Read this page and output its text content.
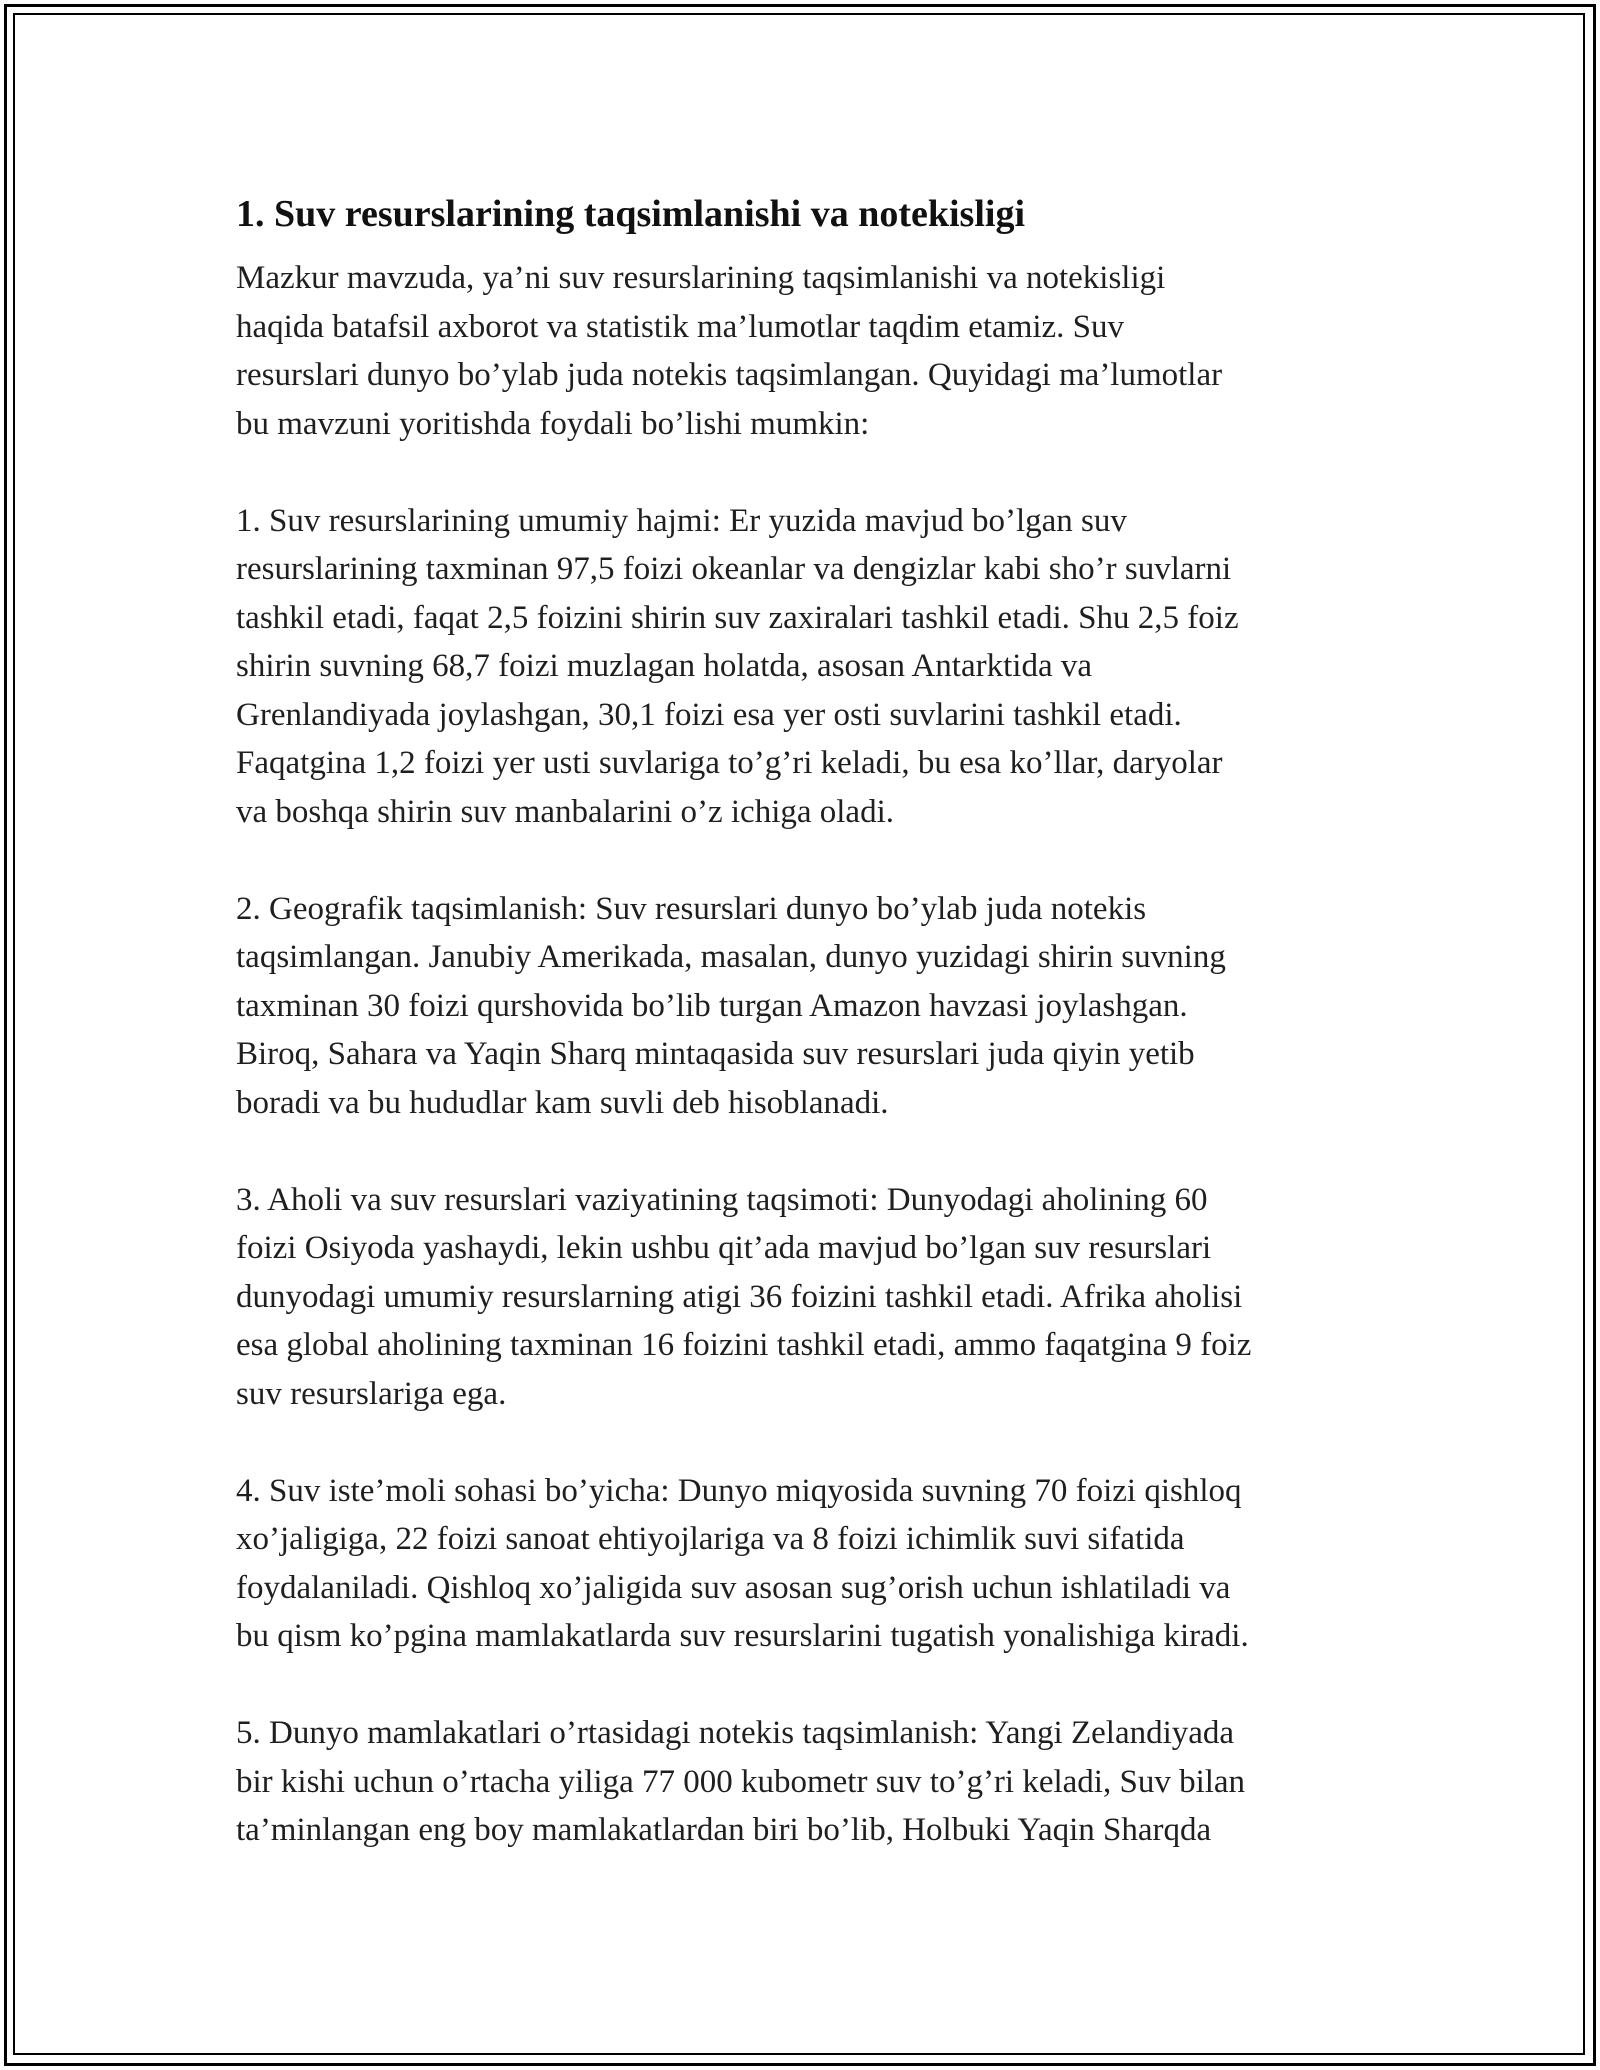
1. Suv resurslarining taqsimlanishi va notekisligi

Mazkur mavzuda, ya’ni suv resurslarining taqsimlanishi va notekisligi
haqida batafsil axborot va statistik ma’lumotlar taqdim etamiz. Suv
resurslari dunyo bo’ylab juda notekis taqsimlangan. Quyidagi ma’lumotlar
bu mavzuni yoritishda foydali bo’lishi mumkin:

1. Suv resurslarining umumiy hajmi: Er yuzida mavjud bo’lgan suv
resurslarining taxminan 97,5 foizi okeanlar va dengizlar kabi sho’r suvlarni
tashkil etadi, faqat 2,5 foizini shirin suv zaxiralari tashkil etadi. Shu 2,5 foiz
shirin suvning 68,7 foizi muzlagan holatda, asosan Antarktida va
Grenlandiyada joylashgan, 30,1 foizi esa yer osti suvlarini tashkil etadi.
Faqatgina 1,2 foizi yer usti suvlariga to’g’ri keladi, bu esa ko’llar, daryolar
va boshqa shirin suv manbalarini o’z ichiga oladi.

2. Geografik taqsimlanish: Suv resurslari dunyo bo’ylab juda notekis
taqsimlangan. Janubiy Amerikada, masalan, dunyo yuzidagi shirin suvning
taxminan 30 foizi qurshovida bo’lib turgan Amazon havzasi joylashgan.
Biroq, Sahara va Yaqin Sharq mintaqasida suv resurslari juda qiyin yetib
boradi va bu hududlar kam suvli deb hisoblanadi.

3. Aholi va suv resurslari vaziyatining taqsimoti: Dunyodagi aholining 60
foizi Osiyoda yashaydi, lekin ushbu qit’ada mavjud bo’lgan suv resurslari
dunyodagi umumiy resurslarning atigi 36 foizini tashkil etadi. Afrika aholisi
esa global aholining taxminan 16 foizini tashkil etadi, ammo faqatgina 9 foiz
suv resurslariga ega.

4. Suv iste’moli sohasi bo’yicha: Dunyo miqyosida suvning 70 foizi qishloq
xo’jaligiga, 22 foizi sanoat ehtiyojlariga va 8 foizi ichimlik suvi sifatida
foydalaniladi. Qishloq xo’jaligida suv asosan sug’orish uchun ishlatiladi va
bu qism ko’pgina mamlakatlarda suv resurslarini tugatish yonalishiga kiradi.

5. Dunyo mamlakatlari o’rtasidagi notekis taqsimlanish: Yangi Zelandiyada
bir kishi uchun o’rtacha yiliga 77 000 kubometr suv to’g’ri keladi, Suv bilan
ta’minlangan eng boy mamlakatlardan biri bo’lib, Holbuki Yaqin Sharqda
